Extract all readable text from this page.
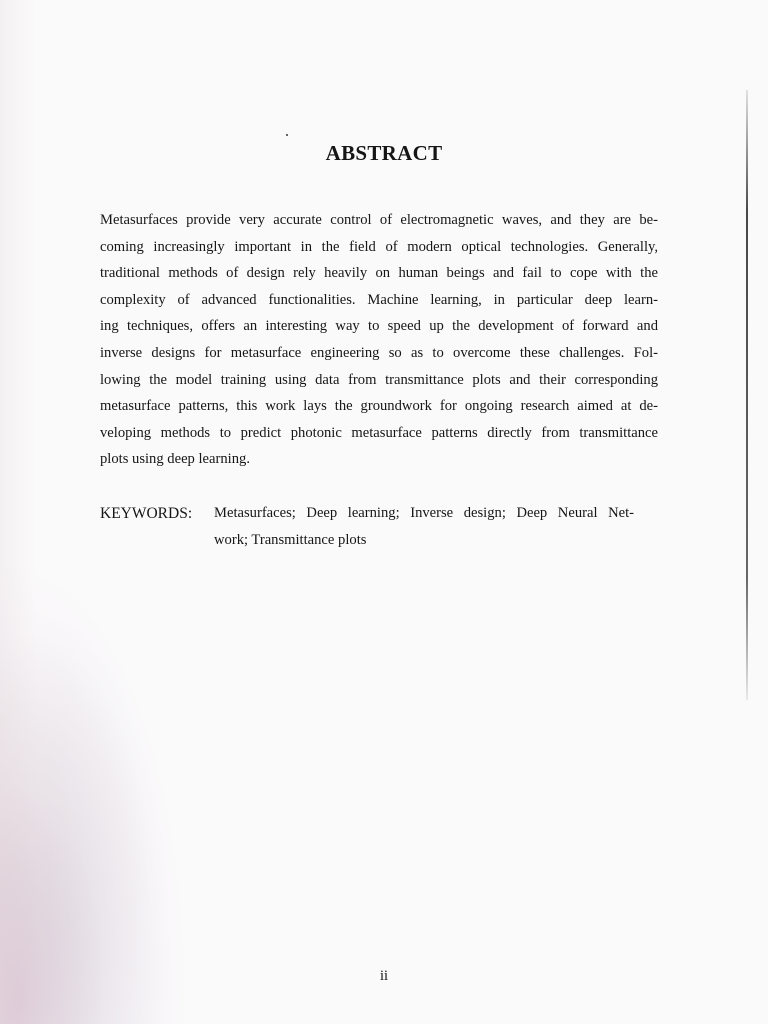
ABSTRACT
Metasurfaces provide very accurate control of electromagnetic waves, and they are be-
coming increasingly important in the field of modern optical technologies. Generally,
traditional methods of design rely heavily on human beings and fail to cope with the
complexity of advanced functionalities. Machine learning, in particular deep learn-
ing techniques, offers an interesting way to speed up the development of forward and
inverse designs for metasurface engineering so as to overcome these challenges. Fol-
lowing the model training using data from transmittance plots and their corresponding
metasurface patterns, this work lays the groundwork for ongoing research aimed at de-
veloping methods to predict photonic metasurface patterns directly from transmittance
plots using deep learning.
KEYWORDS: Metasurfaces; Deep learning; Inverse design; Deep Neural Net-
work; Transmittance plots
ii
